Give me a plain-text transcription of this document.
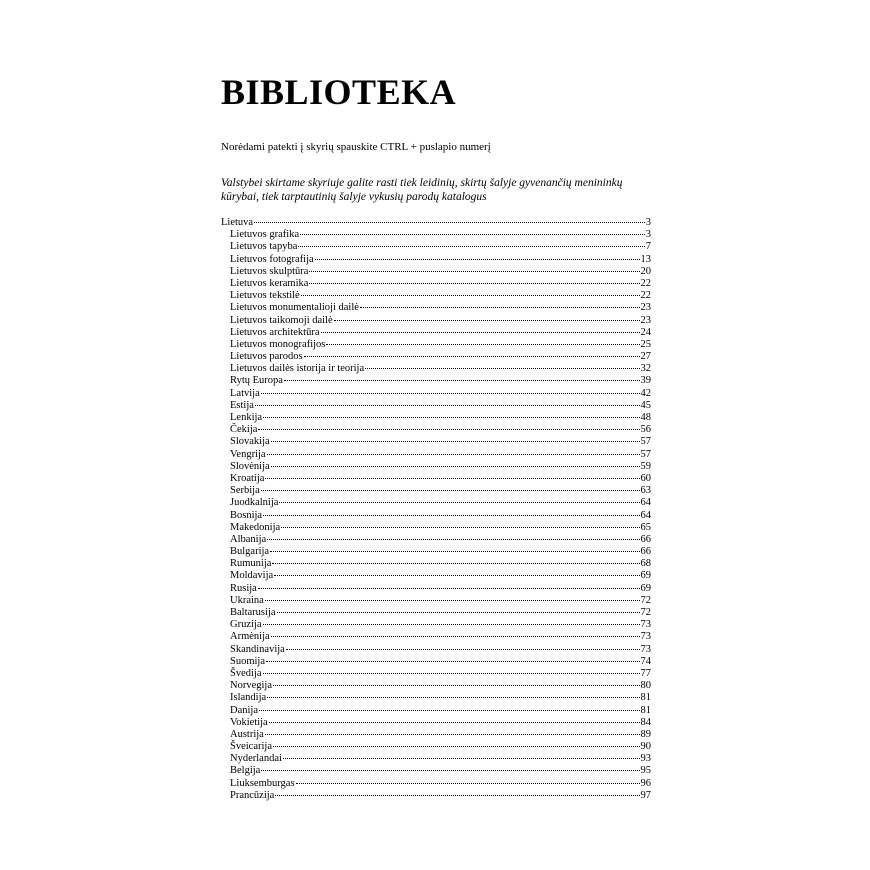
BIBLIOTEKA

Norėdami patekti į skyrių spauskite CTRL + puslapio numerį

Valstybei skirtame skyriuje galite rasti tiek leidinių, skirtų šalyje gyvenančių menininkų kūrybai, tiek tarptautinių šalyje vykusių parodų katalogus

Lietuva	3
Lietuvos grafika	3
Lietuvos tapyba	7
Lietuvos fotografija	13
Lietuvos skulptūra	20
Lietuvos keramika	22
Lietuvos tekstilė	22
Lietuvos monumentalioji dailė	23
Lietuvos taikomoji dailė	23
Lietuvos architektūra	24
Lietuvos monografijos	25
Lietuvos parodos	27
Lietuvos dailės istorija ir teorija	32
Rytų Europa	39
Latvija	42
Estija	45
Lenkija	48
Čekija	56
Slovakija	57
Vengrija	57
Slovėnija	59
Kroatija	60
Serbija	63
Juodkalnija	64
Bosnija	64
Makedonija	65
Albanija	66
Bulgarija	66
Rumunija	68
Moldavija	69
Rusija	69
Ukraina	72
Baltarusija	72
Gruzija	73
Armėnija	73
Skandinavija	73
Suomija	74
Švedija	77
Norvegija	80
Islandija	81
Danija	81
Vokietija	84
Austrija	89
Šveicarija	90
Nyderlandai	93
Belgija	95
Liuksemburgas	96
Prancūzija	97
